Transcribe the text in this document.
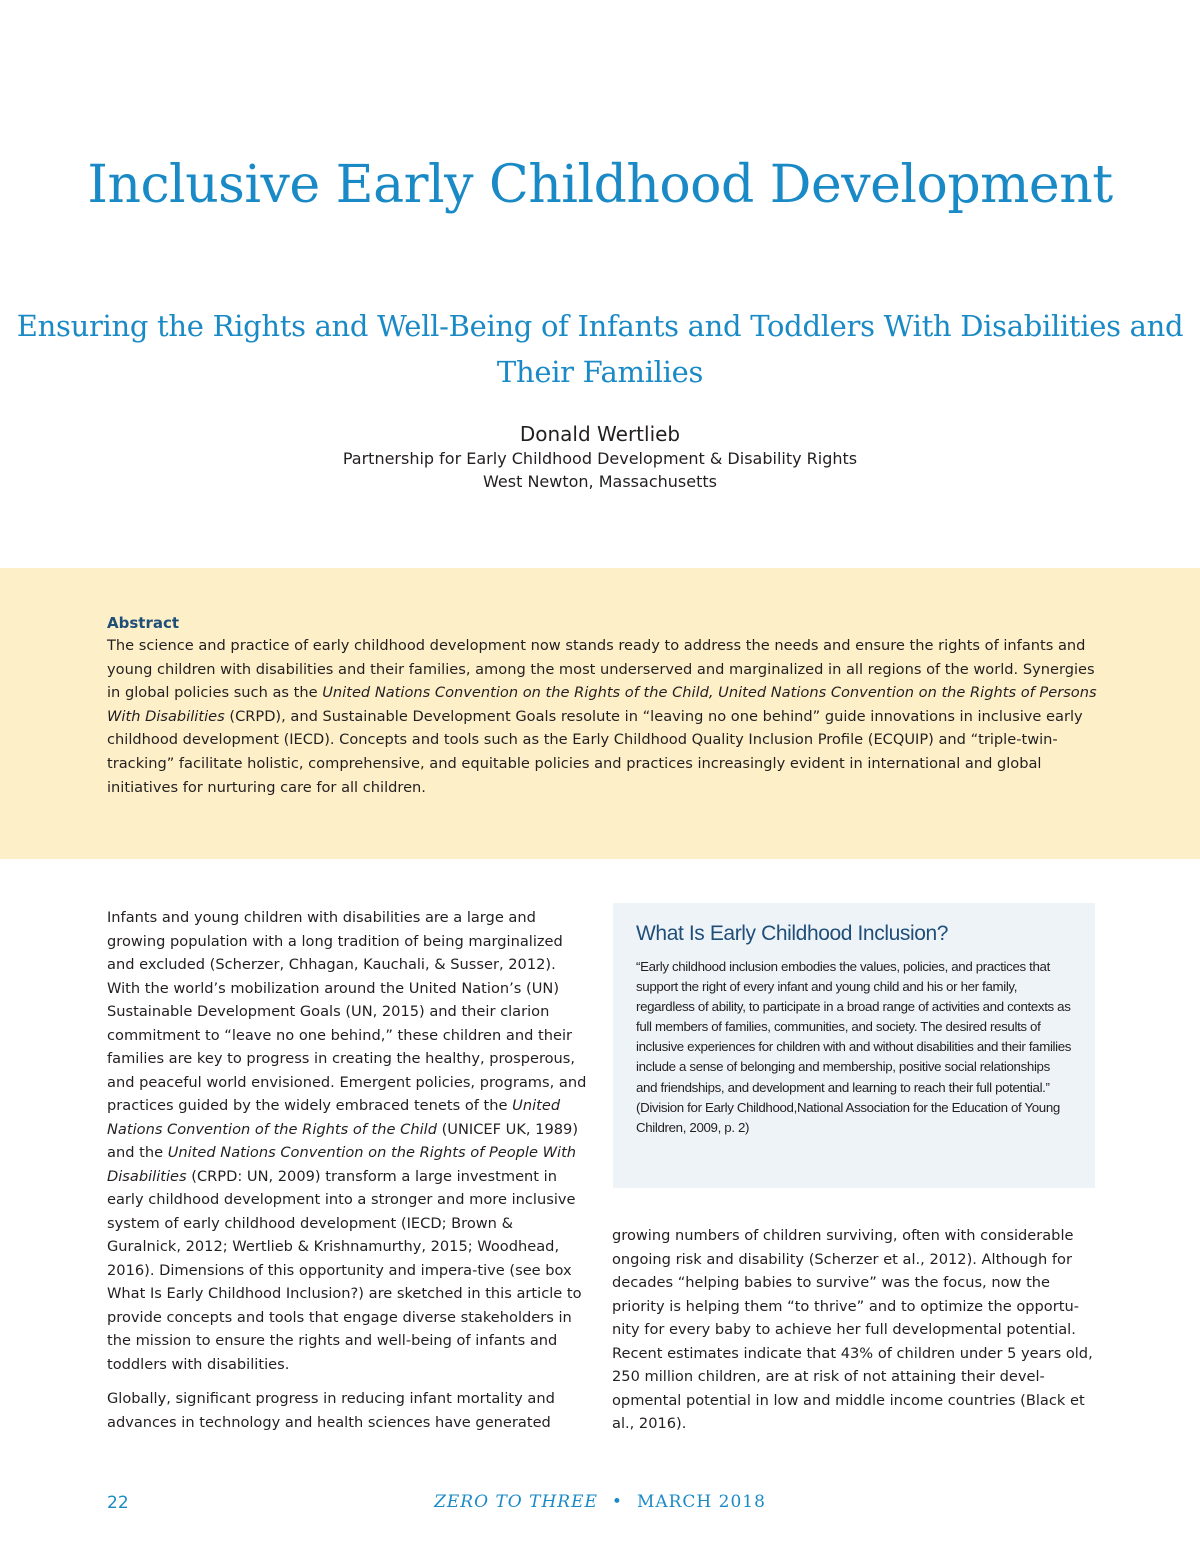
Inclusive Early Childhood Development
Ensuring the Rights and Well-Being of Infants and Toddlers With Disabilities and Their Families
Donald Wertlieb
Partnership for Early Childhood Development & Disability Rights
West Newton, Massachusetts
Abstract

The science and practice of early childhood development now stands ready to address the needs and ensure the rights of infants and young children with disabilities and their families, among the most underserved and marginalized in all regions of the world. Synergies in global policies such as the United Nations Convention on the Rights of the Child, United Nations Convention on the Rights of Persons With Disabilities (CRPD), and Sustainable Development Goals resolute in “leaving no one behind” guide innovations in inclusive early childhood development (IECD). Concepts and tools such as the Early Childhood Quality Inclusion Profile (ECQUIP) and “triple-twin-tracking” facilitate holistic, comprehensive, and equitable policies and practices increasingly evident in international and global initiatives for nurturing care for all children.

Infants and young children with disabilities are a large and growing population with a long tradition of being marginalized and excluded (Scherzer, Chhagan, Kauchali, & Susser, 2012). With the world’s mobilization around the United Nation’s (UN) Sustainable Development Goals (UN, 2015) and their clarion commitment to “leave no one behind,” these children and their families are key to progress in creating the healthy, prosperous, and peaceful world envisioned. Emergent policies, programs, and practices guided by the widely embraced tenets of the United Nations Convention of the Rights of the Child (UNICEF UK, 1989) and the United Nations Convention on the Rights of People With Disabilities (CRPD: UN, 2009) transform a large investment in early childhood development into a stronger and more inclusive system of early childhood development (IECD; Brown & Guralnick, 2012; Wertlieb & Krishnamurthy, 2015; Woodhead, 2016). Dimensions of this opportunity and impera-tive (see box What Is Early Childhood Inclusion?) are sketched in this article to provide concepts and tools that engage diverse stakeholders in the mission to ensure the rights and well-being of infants and toddlers with disabilities.

Globally, significant progress in reducing infant mortality and advances in technology and health sciences have generated

What Is Early Childhood Inclusion?

“Early childhood inclusion embodies the values, policies, and practices that support the right of every infant and young child and his or her family, regardless of ability, to participate in a broad range of activities and contexts as full members of families, communities, and society. The desired results of inclusive experiences for children with and without disabilities and their families include a sense of belonging and membership, positive social relationships and friendships, and development and learning to reach their full potential.” (Division for Early Childhood,National Association for the Education of Young Children, 2009, p. 2)

growing numbers of children surviving, often with considerable ongoing risk and disability (Scherzer et al., 2012). Although for decades “helping babies to survive” was the focus, now the priority is helping them “to thrive” and to optimize the opportu-nity for every baby to achieve her full developmental potential. Recent estimates indicate that 43% of children under 5 years old, 250 million children, are at risk of not attaining their devel-opmental potential in low and middle income countries (Black et al., 2016).

22	ZERO TO THREE • MARCH 2018
